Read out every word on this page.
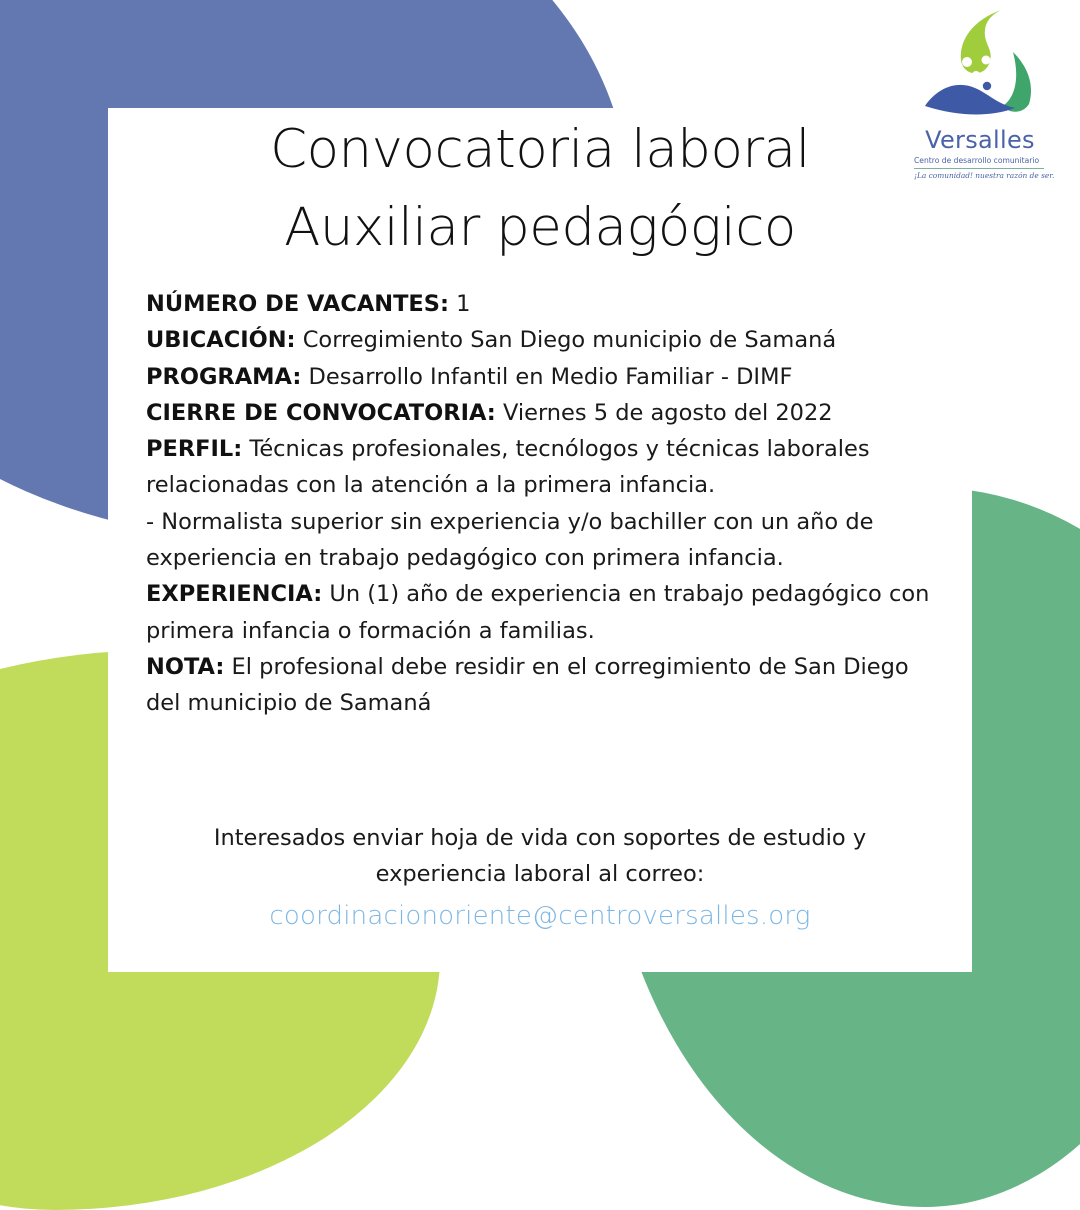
Convocatoria laboral
Auxiliar pedagógico

NÚMERO DE VACANTES: 1

UBICACIÓN: Corregimiento San Diego municipio de Samaná

PROGRAMA: Desarrollo Infantil en Medio Familiar - DIMF

CIERRE DE CONVOCATORIA: Viernes 5 de agosto del 2022

PERFIL: Técnicas profesionales, tecnólogos y técnicas laborales relacionadas con la atención a la primera infancia.

- Normalista superior sin experiencia y/o bachiller con un año de experiencia en trabajo pedagógico con primera infancia.

EXPERIENCIA: Un (1) año de experiencia en trabajo pedagógico con primera infancia o formación a familias.

NOTA: El profesional debe residir en el corregimiento de San Diego del municipio de Samaná

Interesados enviar hoja de vida con soportes de estudio y

experiencia laboral al correo:

coordinacionoriente@centroversalles.org
Versalles
Centro de desarrollo comunitario
¡La comunidad! nuestra razón de ser.
